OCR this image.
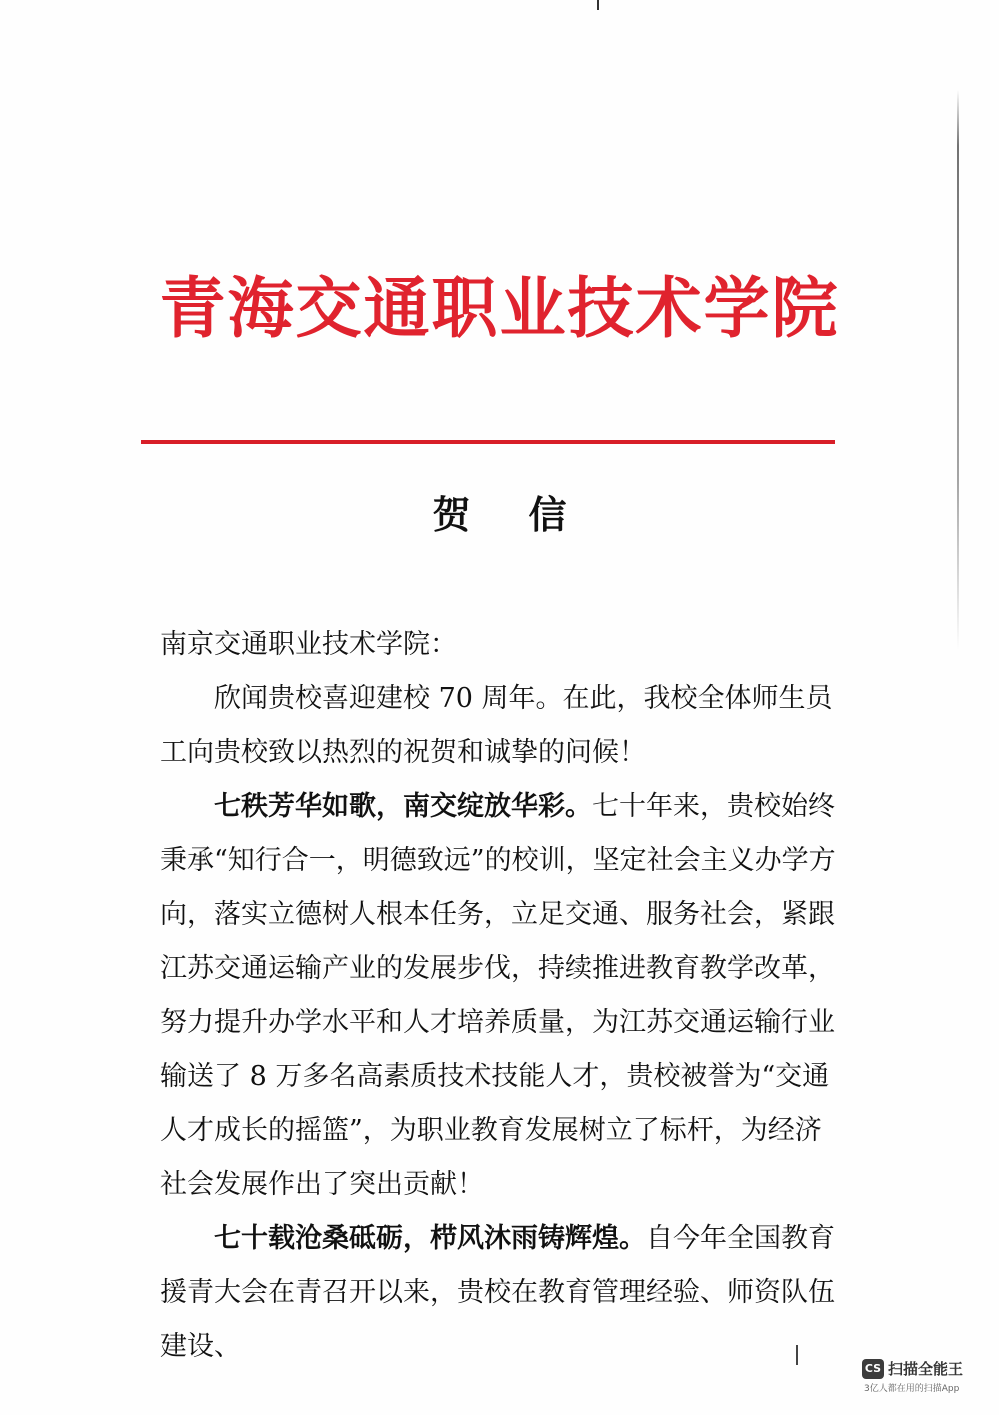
青海交通职业技术学院
贺 信

南京交通职业技术学院：

欣闻贵校喜迎建校 70 周年。在此，我校全体师生员工向贵校致以热烈的祝贺和诚挚的问候！

七秩芳华如歌，南交绽放华彩。七十年来，贵校始终秉承“知行合一，明德致远”的校训，坚定社会主义办学方向，落实立德树人根本任务，立足交通、服务社会，紧跟江苏交通运输产业的发展步伐，持续推进教育教学改革，努力提升办学水平和人才培养质量，为江苏交通运输行业输送了 8 万多名高素质技术技能人才，贵校被誉为“交通人才成长的摇篮”，为职业教育发展树立了标杆，为经济社会发展作出了突出贡献！

七十载沧桑砥砺，栉风沐雨铸辉煌。自今年全国教育援青大会在青召开以来，贵校在教育管理经验、师资队伍建设、

CS 扫描全能王
3亿人都在用的扫描App
